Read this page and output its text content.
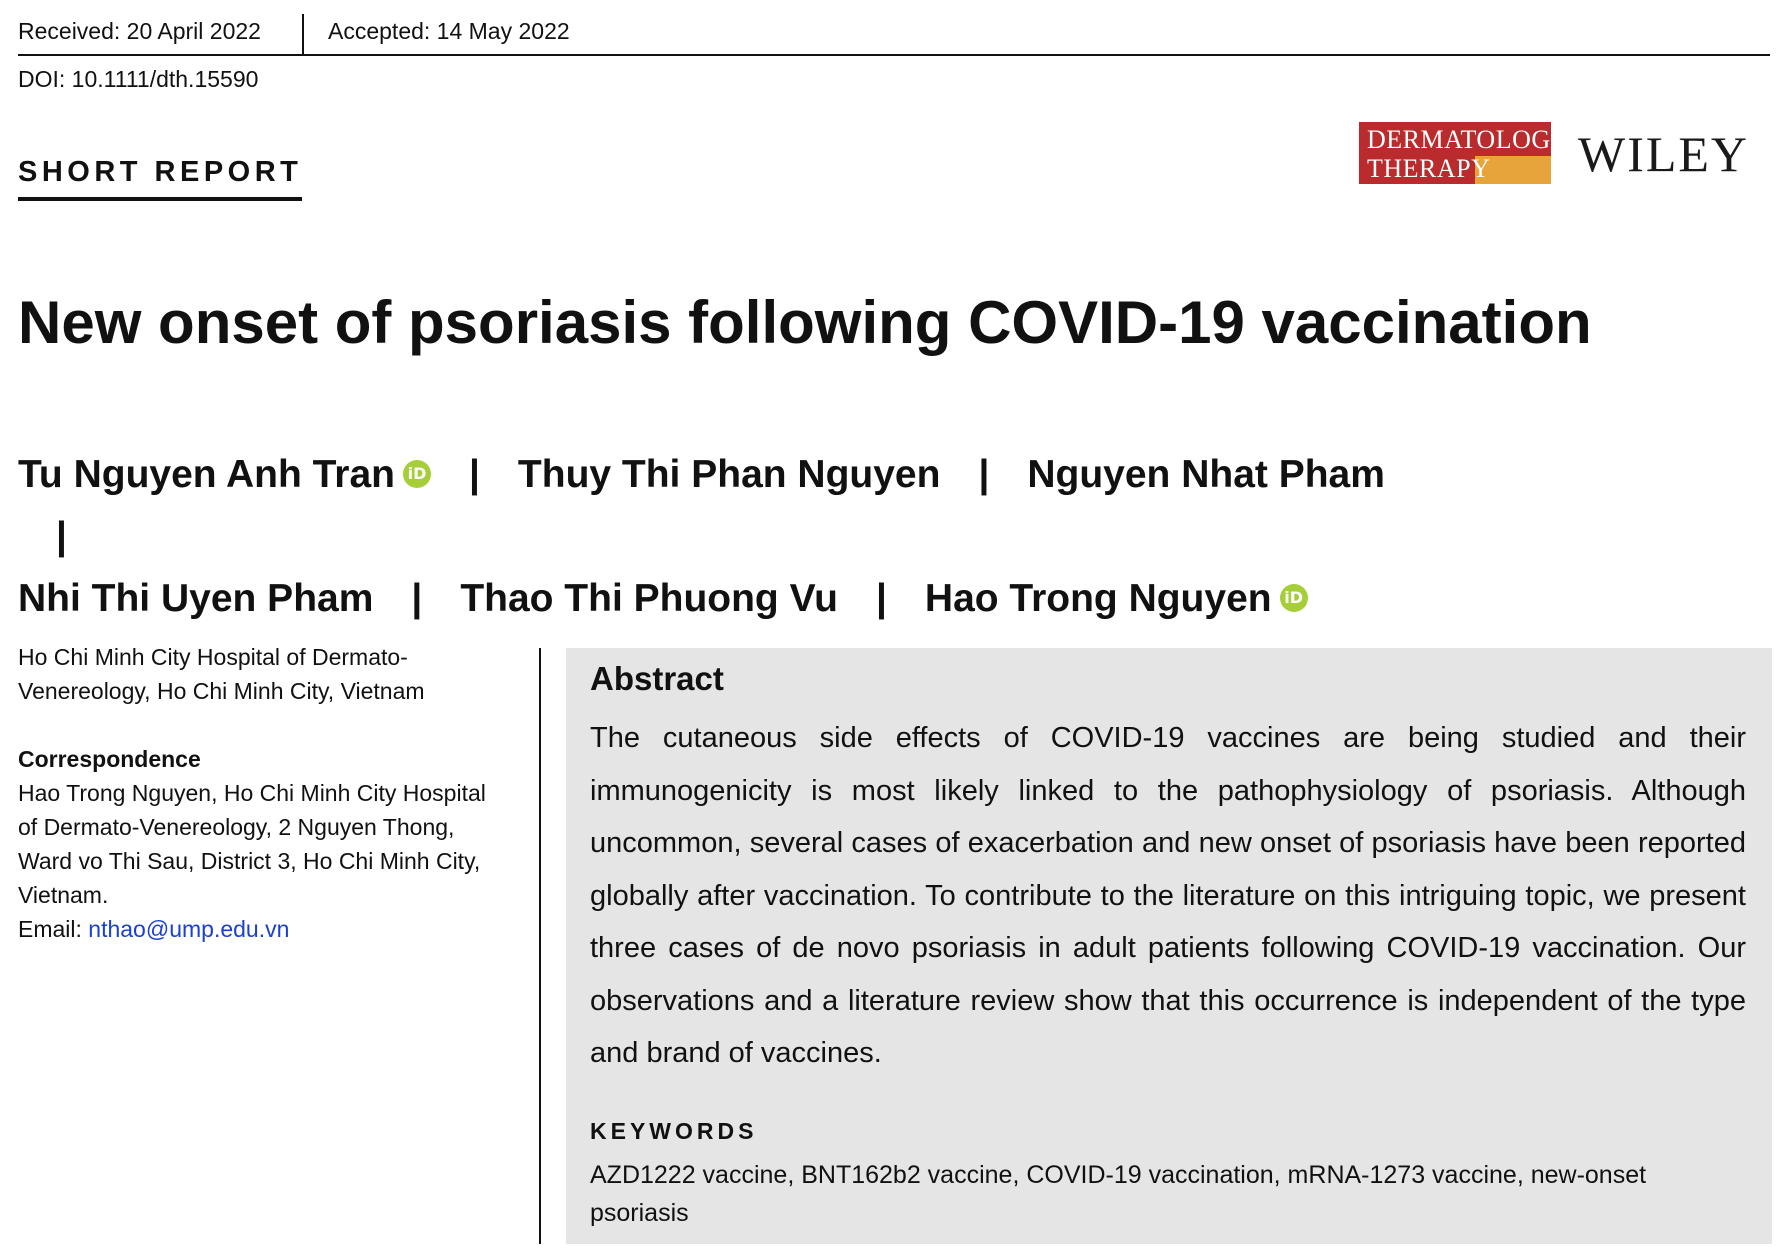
Received: 20 April 2022	Accepted: 14 May 2022
DOI: 10.1111/dth.15590
SHORT REPORT
DERMATOLOGIC
THERAPY WILEY
New onset of psoriasis following COVID-19 vaccination
Tu Nguyen Anh Tran iD | Thuy Thi Phan Nguyen | Nguyen Nhat Pham|
Nhi Thi Uyen Pham | Thao Thi Phuong Vu | Hao Trong Nguyen iD

Ho Chi Minh City Hospital of Dermato-

Venereology, Ho Chi Minh City, Vietnam

Correspondence

Hao Trong Nguyen, Ho Chi Minh City Hospital

of Dermato-Venereology, 2 Nguyen Thong,

Ward vo Thi Sau, District 3, Ho Chi Minh City,

Vietnam.

Email: nthao@ump.edu.vn

Abstract

The cutaneous side effects of COVID-19 vaccines are being studied and their immunogenicity is most likely linked to the pathophysiology of psoriasis. Although uncommon, several cases of exacerbation and new onset of psoriasis have been reported globally after vaccination. To contribute to the literature on this intriguing topic, we present three cases of de novo psoriasis in adult patients following COVID-19 vaccination. Our observations and a literature review show that this occurrence is independent of the type and brand of vaccines.

KEYWORDS

AZD1222 vaccine, BNT162b2 vaccine, COVID-19 vaccination, mRNA-1273 vaccine, new-onset psoriasis
